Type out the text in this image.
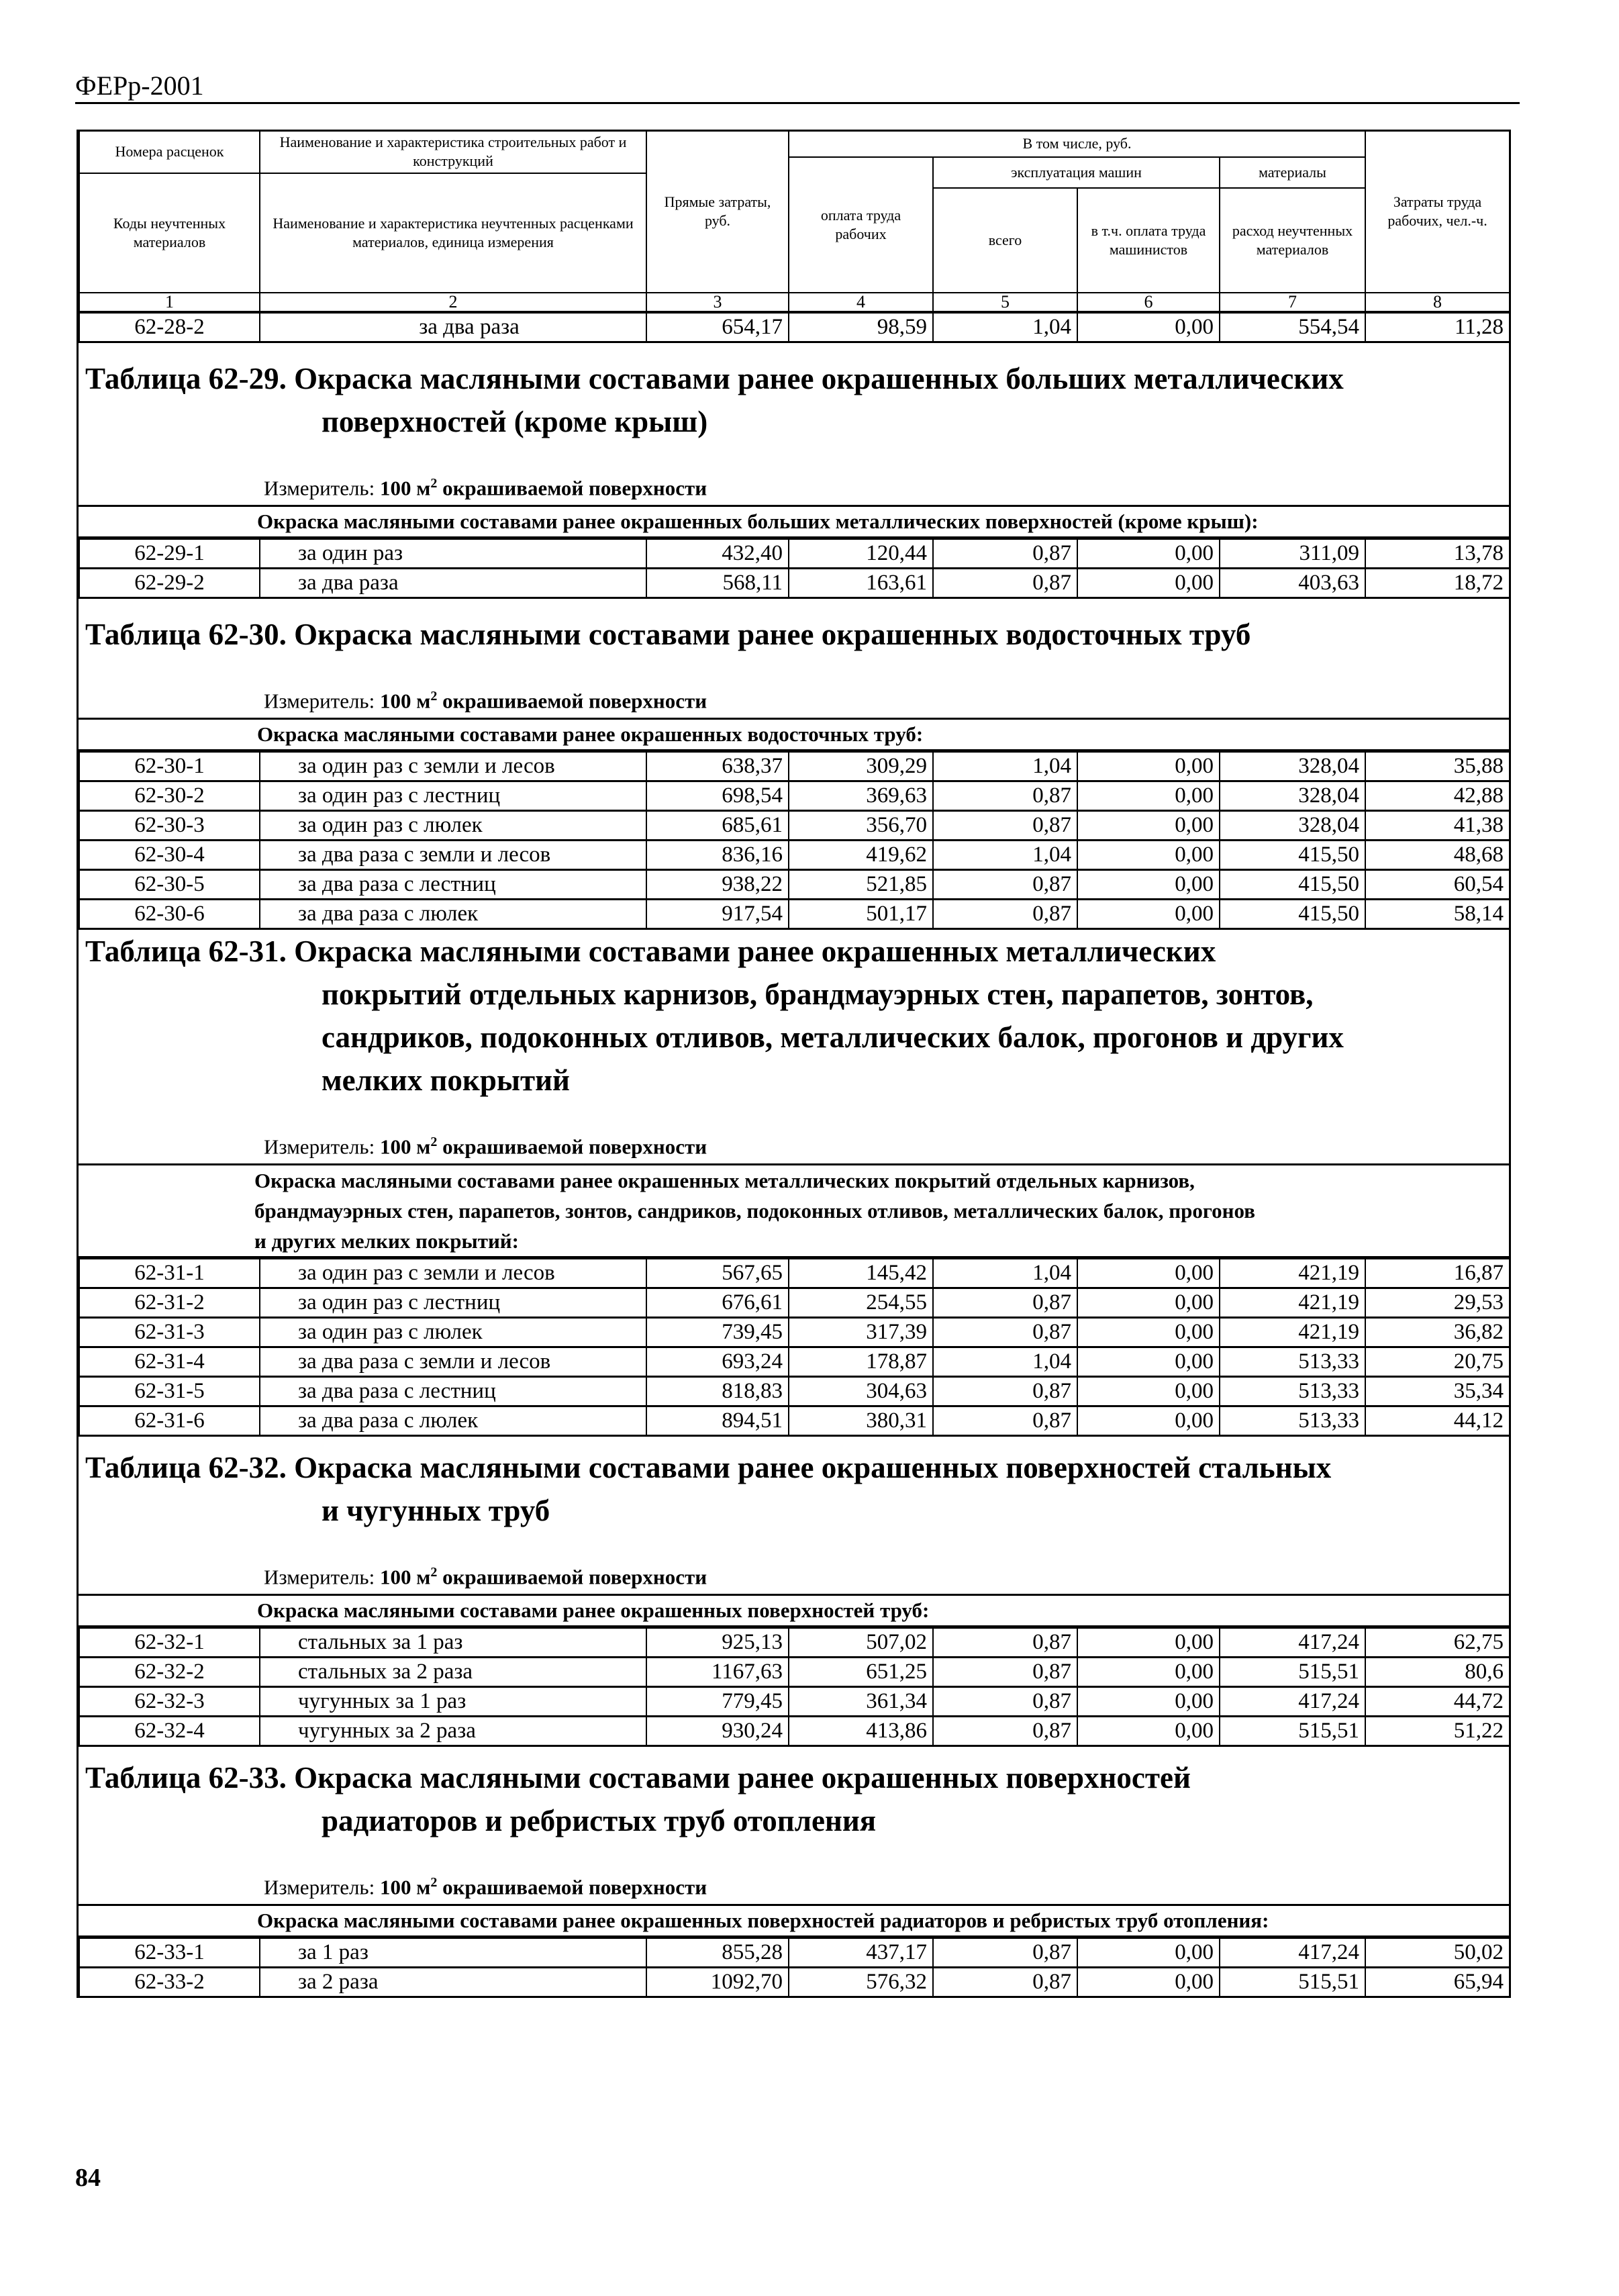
ФЕРр-2001
Номера расценок	Наименование и характеристика строительных работ и конструкций	Прямые затраты, руб.	В том числе, руб.				Затраты труда рабочих, чел.-ч.
			оплата труда рабочих	эксплуатация машин		материалы	
Коды неучтенных материалов	Наименование и характеристика неучтенных расценками материалов, единица измерения						
				всего	в т.ч. оплата труда машинистов	расход неучтенных материалов	
1	2	3	4	5	6	7	8
62-28-2	за два раза	654,17	98,59	1,04	0,00	554,54	11,28
Таблица 62-29. Окраска масляными составами ранее окрашенных больших металлических
поверхностей (кроме крыш)
Измеритель: 100 $м^2$ окрашиваемой поверхности
Окраска масляными составами ранее окрашенных больших металлических поверхностей (кроме крыш):
62-29-1	за один раз	432,40	120,44	0,87	0,00	311,09	13,78
62-29-2	за два раза	568,11	163,61	0,87	0,00	403,63	18,72
Таблица 62-30. Окраска масляными составами ранее окрашенных водосточных труб
Измеритель: 100 $м^2$ окрашиваемой поверхности
Окраска масляными составами ранее окрашенных водосточных труб:
62-30-1	за один раз с земли и лесов	638,37	309,29	1,04	0,00	328,04	35,88
62-30-2	за один раз с лестниц	698,54	369,63	0,87	0,00	328,04	42,88
62-30-3	за один раз с люлек	685,61	356,70	0,87	0,00	328,04	41,38
62-30-4	за два раза с земли и лесов	836,16	419,62	1,04	0,00	415,50	48,68
62-30-5	за два раза с лестниц	938,22	521,85	0,87	0,00	415,50	60,54
62-30-6	за два раза с люлек	917,54	501,17	0,87	0,00	415,50	58,14
Таблица 62-31. Окраска масляными составами ранее окрашенных металлических
покрытий отдельных карнизов, брандмауэрных стен, парапетов, зонтов,
сандриков, подоконных отливов, металлических балок, прогонов и других
мелких покрытий
Измеритель: 100 $м^2$ окрашиваемой поверхности
Окраска масляными составами ранее окрашенных металлических покрытий отдельных карнизов,
брандмауэрных стен, парапетов, зонтов, сандриков, подоконных отливов, металлических балок, прогонов
и других мелких покрытий:
62-31-1	за один раз с земли и лесов	567,65	145,42	1,04	0,00	421,19	16,87
62-31-2	за один раз с лестниц	676,61	254,55	0,87	0,00	421,19	29,53
62-31-3	за один раз с люлек	739,45	317,39	0,87	0,00	421,19	36,82
62-31-4	за два раза с земли и лесов	693,24	178,87	1,04	0,00	513,33	20,75
62-31-5	за два раза с лестниц	818,83	304,63	0,87	0,00	513,33	35,34
62-31-6	за два раза с люлек	894,51	380,31	0,87	0,00	513,33	44,12
Таблица 62-32. Окраска масляными составами ранее окрашенных поверхностей стальных
и чугунных труб
Измеритель: 100 $м^2$ окрашиваемой поверхности
Окраска масляными составами ранее окрашенных поверхностей труб:
62-32-1	стальных за 1 раз	925,13	507,02	0,87	0,00	417,24	62,75
62-32-2	стальных за 2 раза	1167,63	651,25	0,87	0,00	515,51	80,6
62-32-3	чугунных за 1 раз	779,45	361,34	0,87	0,00	417,24	44,72
62-32-4	чугунных за 2 раза	930,24	413,86	0,87	0,00	515,51	51,22
Таблица 62-33. Окраска масляными составами ранее окрашенных поверхностей
радиаторов и ребристых труб отопления
Измеритель: 100 $м^2$ окрашиваемой поверхности
Окраска масляными составами ранее окрашенных поверхностей радиаторов и ребристых труб отопления:
62-33-1	за 1 раз	855,28	437,17	0,87	0,00	417,24	50,02
62-33-2	за 2 раза	1092,70	576,32	0,87	0,00	515,51	65,94
84
